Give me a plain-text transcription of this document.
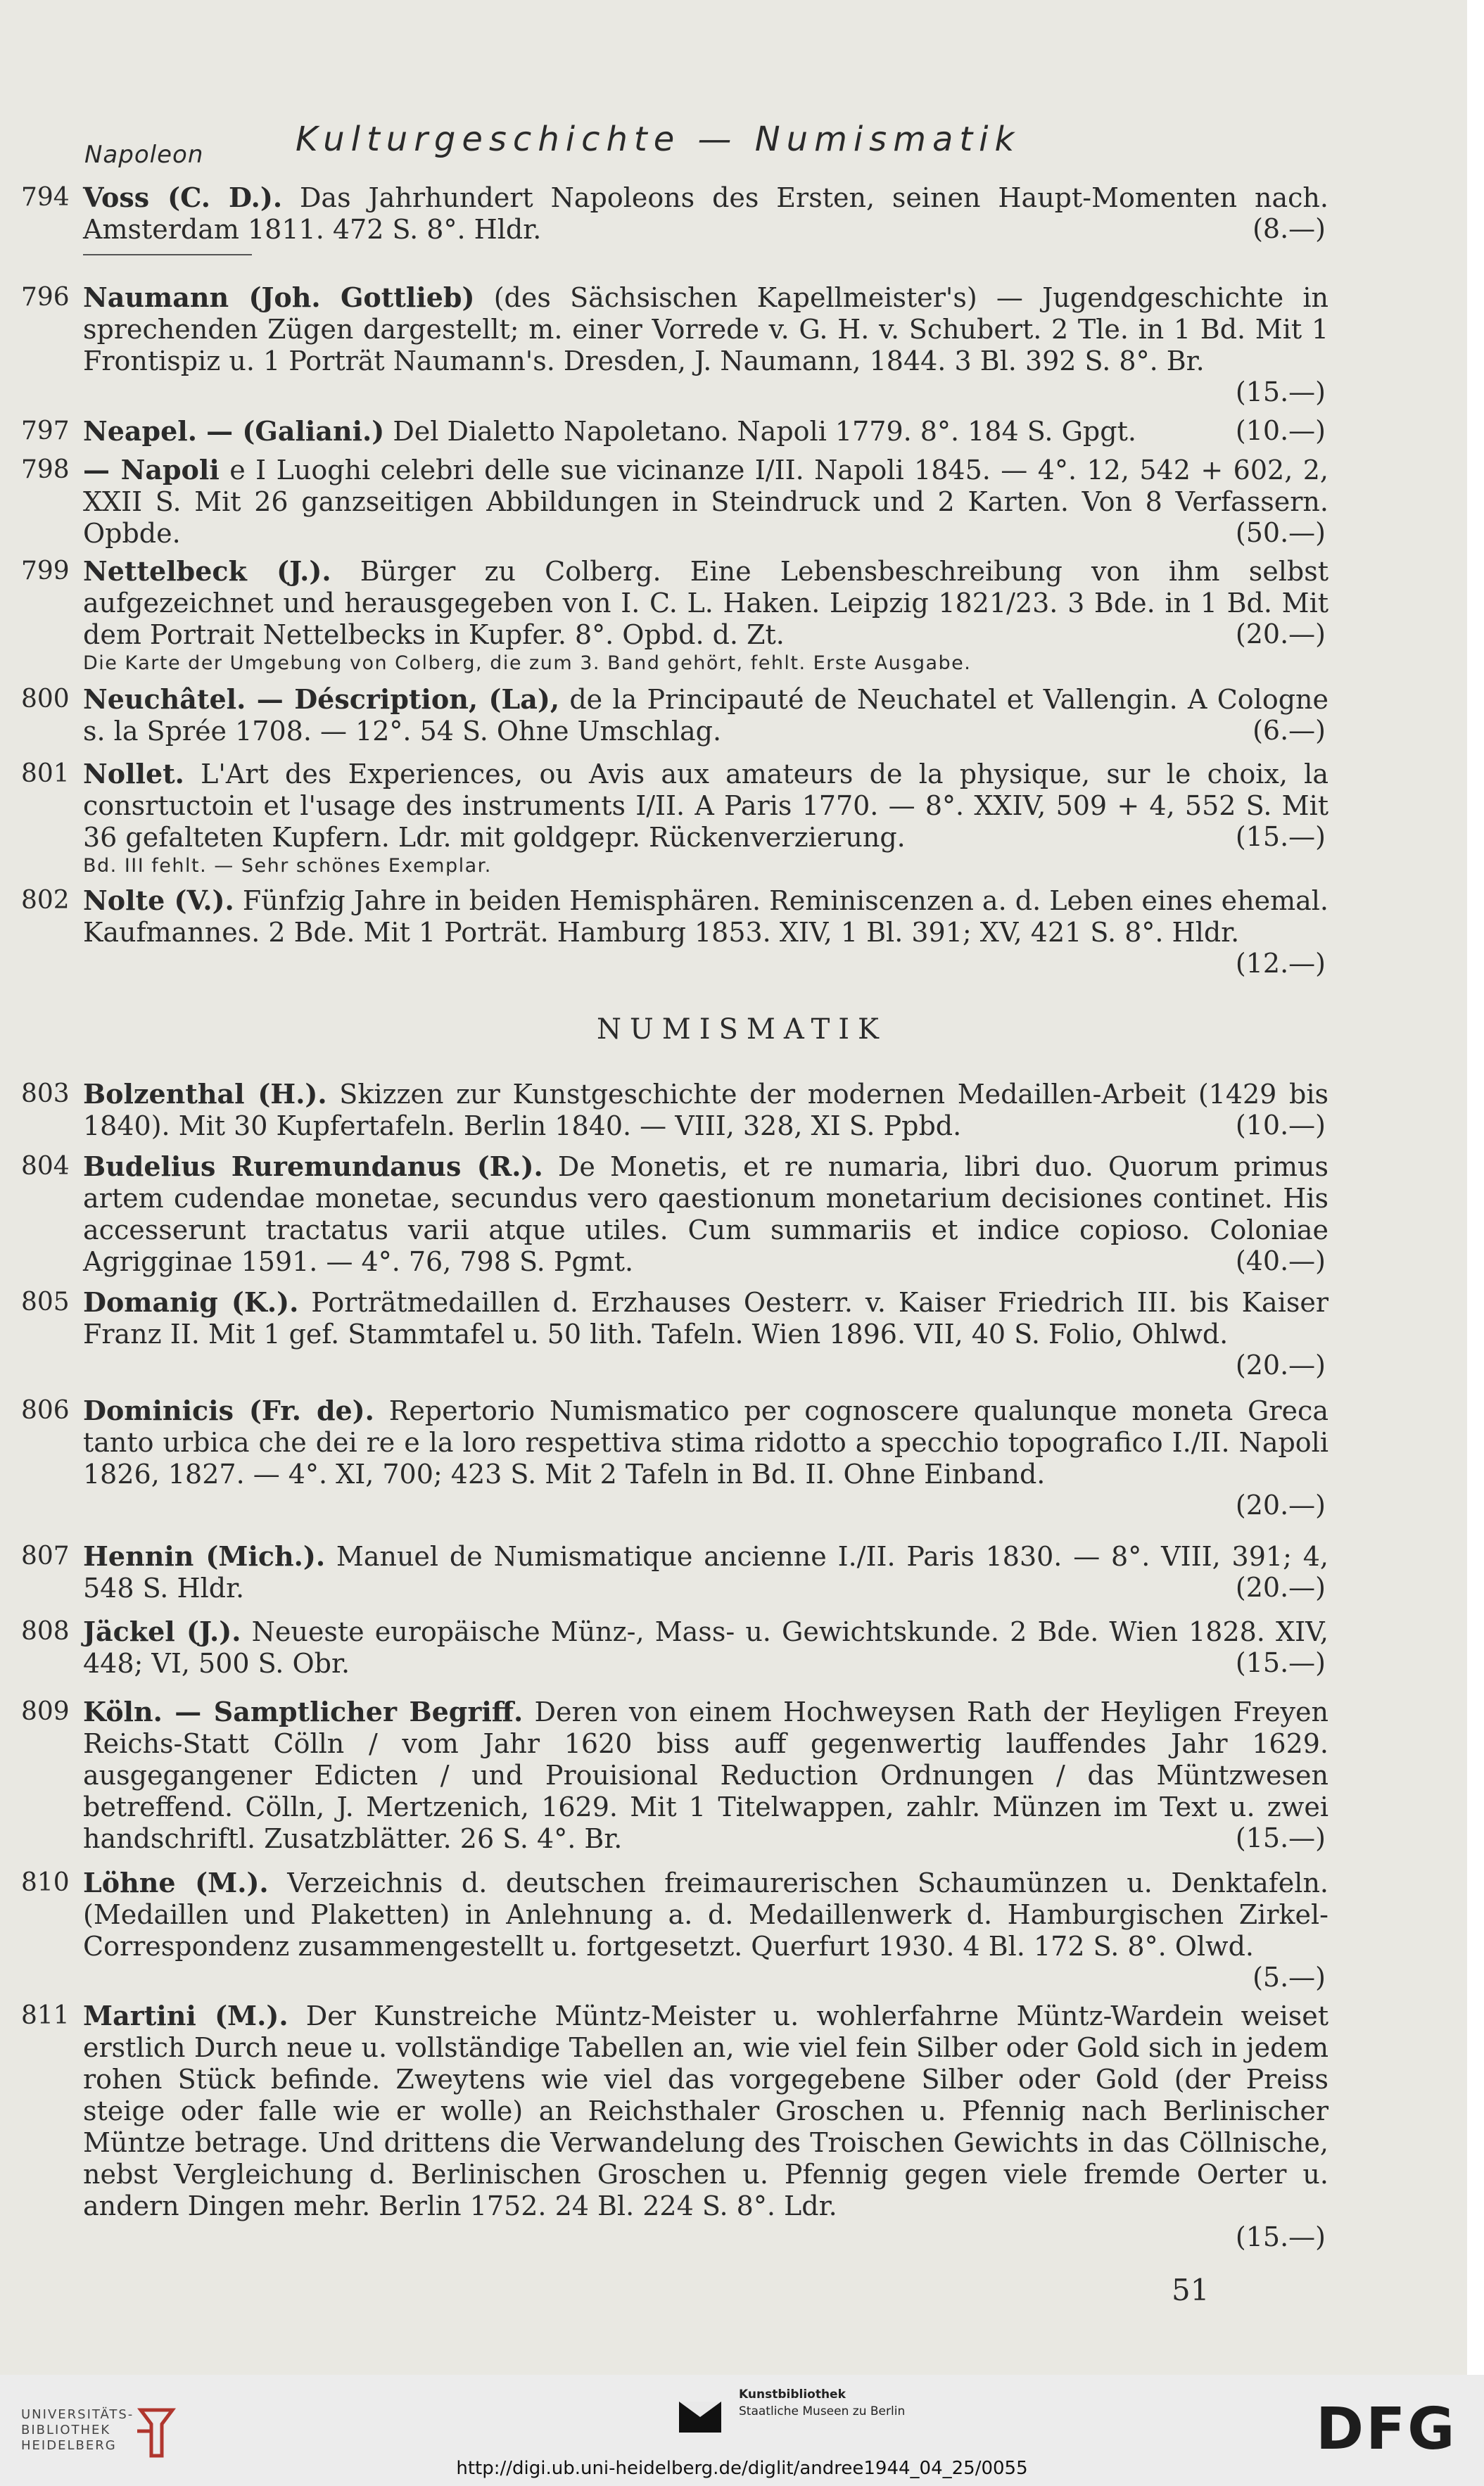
Napoleon	Kulturgeschichte — Numismatik
794 Voss (C. D.). Das Jahrhundert Napoleons des Ersten, seinen Haupt-Momenten nach. Amsterdam 1811. 472 S. 8°. Hldr.	(8.—)
796 Naumann (Joh. Gottlieb) (des Sächsischen Kapellmeister's) — Jugendgeschichte in sprechenden Zügen dargestellt; m. einer Vorrede v. G. H. v. Schubert. 2 Tle. in 1 Bd. Mit 1 Frontispiz u. 1 Porträt Naumann's. Dresden, J. Naumann, 1844. 3 Bl. 392 S. 8°. Br.
(15.—)
797 Neapel. — (Galiani.) Del Dialetto Napoletano. Napoli 1779. 8°. 184 S. Gpgt.	(10.—)
798 — Napoli e I Luoghi celebri delle sue vicinanze I/II. Napoli 1845. — 4°. 12, 542 + 602, 2, XXII S. Mit 26 ganzseitigen Abbildungen in Steindruck und 2 Karten. Von 8 Verfassern. Opbde.	(50.—)
799 Nettelbeck (J.). Bürger zu Colberg. Eine Lebensbeschreibung von ihm selbst aufgezeichnet und herausgegeben von I. C. L. Haken. Leipzig 1821/23. 3 Bde. in 1 Bd. Mit dem Portrait Nettelbecks in Kupfer. 8°. Opbd. d. Zt.	(20.—)
Die Karte der Umgebung von Colberg, die zum 3. Band gehört, fehlt. Erste Ausgabe.
800 Neuchâtel. — Déscription, (La), de la Principauté de Neuchatel et Vallengin. A Cologne s. la Sprée 1708. — 12°. 54 S. Ohne Umschlag.	(6.—)
801 Nollet. L'Art des Experiences, ou Avis aux amateurs de la physique, sur le choix, la consrtuctoin et l'usage des instruments I/II. A Paris 1770. — 8°. XXIV, 509 + 4, 552 S. Mit 36 gefalteten Kupfern. Ldr. mit goldgepr. Rückenverzierung.	(15.—)
Bd. III fehlt. — Sehr schönes Exemplar.
802 Nolte (V.). Fünfzig Jahre in beiden Hemisphären. Reminiscenzen a. d. Leben eines ehemal. Kaufmannes. 2 Bde. Mit 1 Porträt. Hamburg 1853. XIV, 1 Bl. 391; XV, 421 S. 8°. Hldr.
(12.—)
NUMISMATIK
803 Bolzenthal (H.). Skizzen zur Kunstgeschichte der modernen Medaillen-Arbeit (1429 bis 1840). Mit 30 Kupfertafeln. Berlin 1840. — VIII, 328, XI S. Ppbd.	(10.—)
804 Budelius Ruremundanus (R.). De Monetis, et re numaria, libri duo. Quorum primus artem cudendae monetae, secundus vero qaestionum monetarium decisiones continet. His accesserunt tractatus varii atque utiles. Cum summariis et indice copioso. Coloniae Agrigginae 1591. — 4°. 76, 798 S. Pgmt.	(40.—)
805 Domanig (K.). Porträtmedaillen d. Erzhauses Oesterr. v. Kaiser Friedrich III. bis Kaiser Franz II. Mit 1 gef. Stammtafel u. 50 lith. Tafeln. Wien 1896. VII, 40 S. Folio, Ohlwd.
(20.—)
806 Dominicis (Fr. de). Repertorio Numismatico per cognoscere qualunque moneta Greca tanto urbica che dei re e la loro respettiva stima ridotto a specchio topografico I./II. Napoli 1826, 1827. — 4°. XI, 700; 423 S. Mit 2 Tafeln in Bd. II. Ohne Einband.
(20.—)
807 Hennin (Mich.). Manuel de Numismatique ancienne I./II. Paris 1830. — 8°. VIII, 391; 4, 548 S. Hldr.	(20.—)
808 Jäckel (J.). Neueste europäische Münz-, Mass- u. Gewichtskunde. 2 Bde. Wien 1828. XIV, 448; VI, 500 S. Obr.	(15.—)
809 Köln. — Samptlicher Begriff. Deren von einem Hochweysen Rath der Heyligen Freyen Reichs-Statt Cölln / vom Jahr 1620 biss auff gegenwertig lauffendes Jahr 1629. ausgegangener Edicten / und Prouisional Reduction Ordnungen / das Müntzwesen betreffend. Cölln, J. Mertzenich, 1629. Mit 1 Titelwappen, zahlr. Münzen im Text u. zwei handschriftl. Zusatzblätter. 26 S. 4°. Br.	(15.—)
810 Löhne (M.). Verzeichnis d. deutschen freimaurerischen Schaumünzen u. Denktafeln. (Medaillen und Plaketten) in Anlehnung a. d. Medaillenwerk d. Hamburgischen Zirkel-Correspondenz zusammengestellt u. fortgesetzt. Querfurt 1930. 4 Bl. 172 S. 8°. Olwd.
(5.—)
811 Martini (M.). Der Kunstreiche Müntz-Meister u. wohlerfahrne Müntz-Wardein weiset erstlich Durch neue u. vollständige Tabellen an, wie viel fein Silber oder Gold sich in jedem rohen Stück befinde. Zweytens wie viel das vorgegebene Silber oder Gold (der Preiss steige oder falle wie er wolle) an Reichsthaler Groschen u. Pfennig nach Berlinischer Müntze betrage. Und drittens die Verwandelung des Troischen Gewichts in das Cöllnische, nebst Vergleichung d. Berlinischen Groschen u. Pfennig gegen viele fremde Oerter u. andern Dingen mehr. Berlin 1752. 24 Bl. 224 S. 8°. Ldr.
(15.—)
51
UNIVERSITÄTS-
BIBLIOTHEK
HEIDELBERG
Kunstbibliothek
Staatliche Museen zu Berlin	DFG
http://digi.ub.uni-heidelberg.de/diglit/andree1944_04_25/0055
